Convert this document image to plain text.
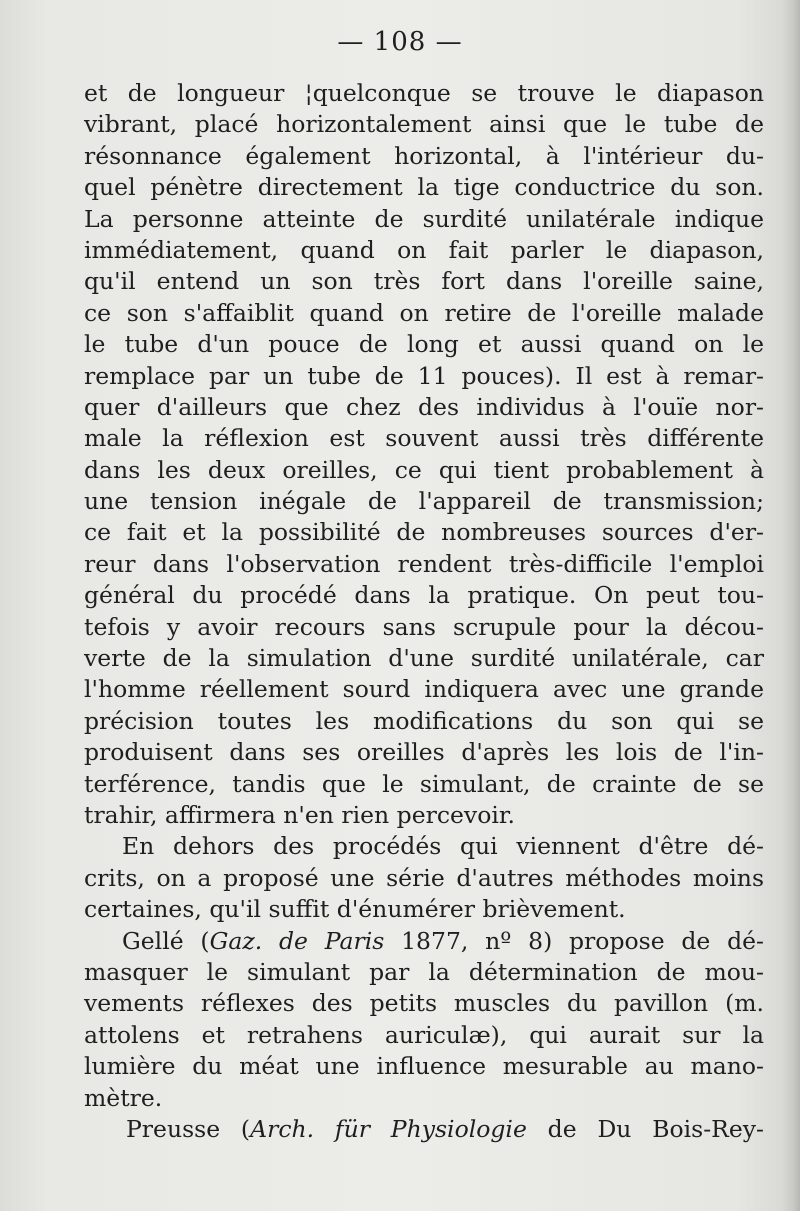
— 108 —
et de longueur ¦quelconque se trouve le diapason
vibrant, placé horizontalement ainsi que le tube de
résonnance également horizontal, à l'intérieur du-
quel pénètre directement la tige conductrice du son.
La personne atteinte de surdité unilatérale indique
immédiatement, quand on fait parler le diapason,
qu'il entend un son très fort dans l'oreille saine,
ce son s'affaiblit quand on retire de l'oreille malade
le tube d'un pouce de long et aussi quand on le
remplace par un tube de 11 pouces). Il est à remar-
quer d'ailleurs que chez des individus à l'ouïe nor-
male la réflexion est souvent aussi très différente
dans les deux oreilles, ce qui tient probablement à
une tension inégale de l'appareil de transmission;
ce fait et la possibilité de nombreuses sources d'er-
reur dans l'observation rendent très-difficile l'emploi
général du procédé dans la pratique. On peut tou-
tefois y avoir recours sans scrupule pour la décou-
verte de la simulation d'une surdité unilatérale, car
l'homme réellement sourd indiquera avec une grande
précision toutes les modifications du son qui se
produisent dans ses oreilles d'après les lois de l'in-
terférence, tandis que le simulant, de crainte de se
trahir, affirmera n'en rien percevoir.
En dehors des procédés qui viennent d'être dé-
crits, on a proposé une série d'autres méthodes moins
certaines, qu'il suffit d'énumérer brièvement.
Gellé (Gaz. de Paris 1877, nº 8) propose de dé-
masquer le simulant par la détermination de mou-
vements réflexes des petits muscles du pavillon (m.
attolens et retrahens auriculæ), qui aurait sur la
lumière du méat une influence mesurable au mano-
mètre.
Preusse (Arch. für Physiologie de Du Bois-Rey-
